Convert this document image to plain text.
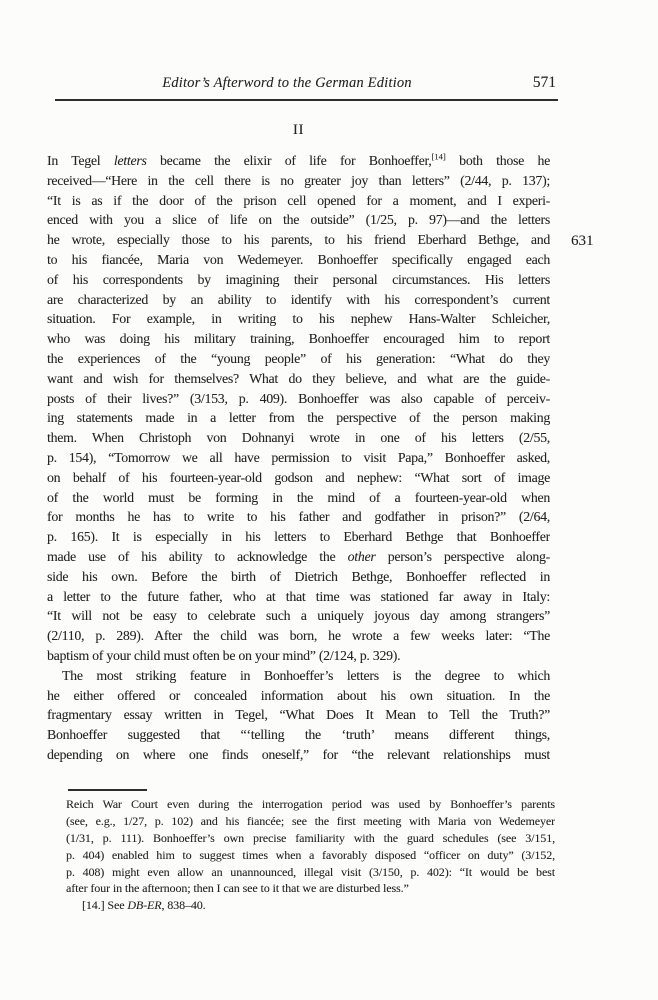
Editor’s Afterword to the German Edition	571
II
In Tegel letters became the elixir of life for Bonhoeffer,[14] both those he
received—“Here in the cell there is no greater joy than letters” (2/44, p. 137);
“It is as if the door of the prison cell opened for a moment, and I experi-
enced with you a slice of life on the outside” (1/25, p. 97)—and the letters
he wrote, especially those to his parents, to his friend Eberhard Bethge, and
to his fiancée, Maria von Wedemeyer. Bonhoeffer specifically engaged each
of his correspondents by imagining their personal circumstances. His letters
are characterized by an ability to identify with his correspondent’s current
situation. For example, in writing to his nephew Hans-Walter Schleicher,
who was doing his military training, Bonhoeffer encouraged him to report
the experiences of the “young people” of his generation: “What do they
want and wish for themselves? What do they believe, and what are the guide-
posts of their lives?” (3/153, p. 409). Bonhoeffer was also capable of perceiv-
ing statements made in a letter from the perspective of the person making
them. When Christoph von Dohnanyi wrote in one of his letters (2/55,
p. 154), “Tomorrow we all have permission to visit Papa,” Bonhoeffer asked,
on behalf of his fourteen-year-old godson and nephew: “What sort of image
of the world must be forming in the mind of a fourteen-year-old when
for months he has to write to his father and godfather in prison?” (2/64,
p. 165). It is especially in his letters to Eberhard Bethge that Bonhoeffer
made use of his ability to acknowledge the other person’s perspective along-
side his own. Before the birth of Dietrich Bethge, Bonhoeffer reflected in
a letter to the future father, who at that time was stationed far away in Italy:
“It will not be easy to celebrate such a uniquely joyous day among strangers”
(2/110, p. 289). After the child was born, he wrote a few weeks later: “The
baptism of your child must often be on your mind” (2/124, p. 329).
The most striking feature in Bonhoeffer’s letters is the degree to which
he either offered or concealed information about his own situation. In the
fragmentary essay written in Tegel, “What Does It Mean to Tell the Truth?”
Bonhoeffer suggested that “‘telling the ‘truth’ means different things,
depending on where one finds oneself,” for “the relevant relationships must
631
Reich War Court even during the interrogation period was used by Bonhoeffer’s parents
(see, e.g., 1/27, p. 102) and his fiancée; see the first meeting with Maria von Wedemeyer
(1/31, p. 111). Bonhoeffer’s own precise familiarity with the guard schedules (see 3/151,
p. 404) enabled him to suggest times when a favorably disposed “officer on duty” (3/152,
p. 408) might even allow an unannounced, illegal visit (3/150, p. 402): “It would be best
after four in the afternoon; then I can see to it that we are disturbed less.”
[14.] See DB-ER, 838–40.
